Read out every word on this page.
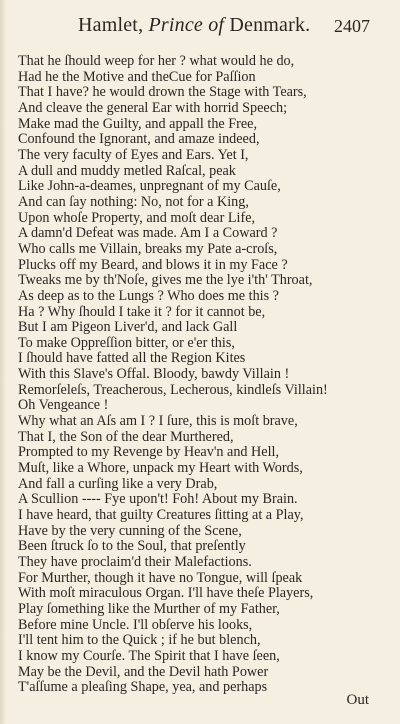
Hamlet, Prince of Denmark. 2407
That he ſhould weep for her ? what would he do,
Had he the Motive and theCue for Paſſion
That I have? he would drown the Stage with Tears,
And cleave the general Ear with horrid Speech;
Make mad the Guilty, and appall the Free,
Confound the Ignorant, and amaze indeed,
The very faculty of Eyes and Ears. Yet I,
A dull and muddy metled Raſcal, peak
Like John-a-deames, unpregnant of my Cauſe,
And can ſay nothing: No, not for a King,
Upon whoſe Property, and moſt dear Life,
A damn'd Defeat was made. Am I a Coward ?
Who calls me Villain, breaks my Pate a-croſs,
Plucks off my Beard, and blows it in my Face ?
Tweaks me by th'Noſe, gives me the lye i'th' Throat,
As deep as to the Lungs ? Who does me this ?
Ha ? Why ſhould I take it ? for it cannot be,
But I am Pigeon Liver'd, and lack Gall
To make Oppreſſion bitter, or e'er this,
I ſhould have fatted all the Region Kites
With this Slave's Offal. Bloody, bawdy Villain !
Remorſeleſs, Treacherous, Lecherous, kindleſs Villain!
Oh Vengeance !
Why what an Aſs am I ? I ſure, this is moſt brave,
That I, the Son of the dear Murthered,
Prompted to my Revenge by Heav'n and Hell,
Muſt, like a Whore, unpack my Heart with Words,
And fall a curſing like a very Drab,
A Scullion ---- Fye upon't! Foh! About my Brain.
I have heard, that guilty Creatures ſitting at a Play,
Have by the very cunning of the Scene,
Been ſtruck ſo to the Soul, that preſently
They have proclaim'd their Malefactions.
For Murther, though it have no Tongue, will ſpeak
With moſt miraculous Organ. I'll have theſe Players,
Play ſomething like the Murther of my Father,
Before mine Uncle. I'll obſerve his looks,
I'll tent him to the Quick ; if he but blench,
I know my Courſe. The Spirit that I have ſeen,
May be the Devil, and the Devil hath Power
T'aſſume a pleaſing Shape, yea, and perhaps
Out
